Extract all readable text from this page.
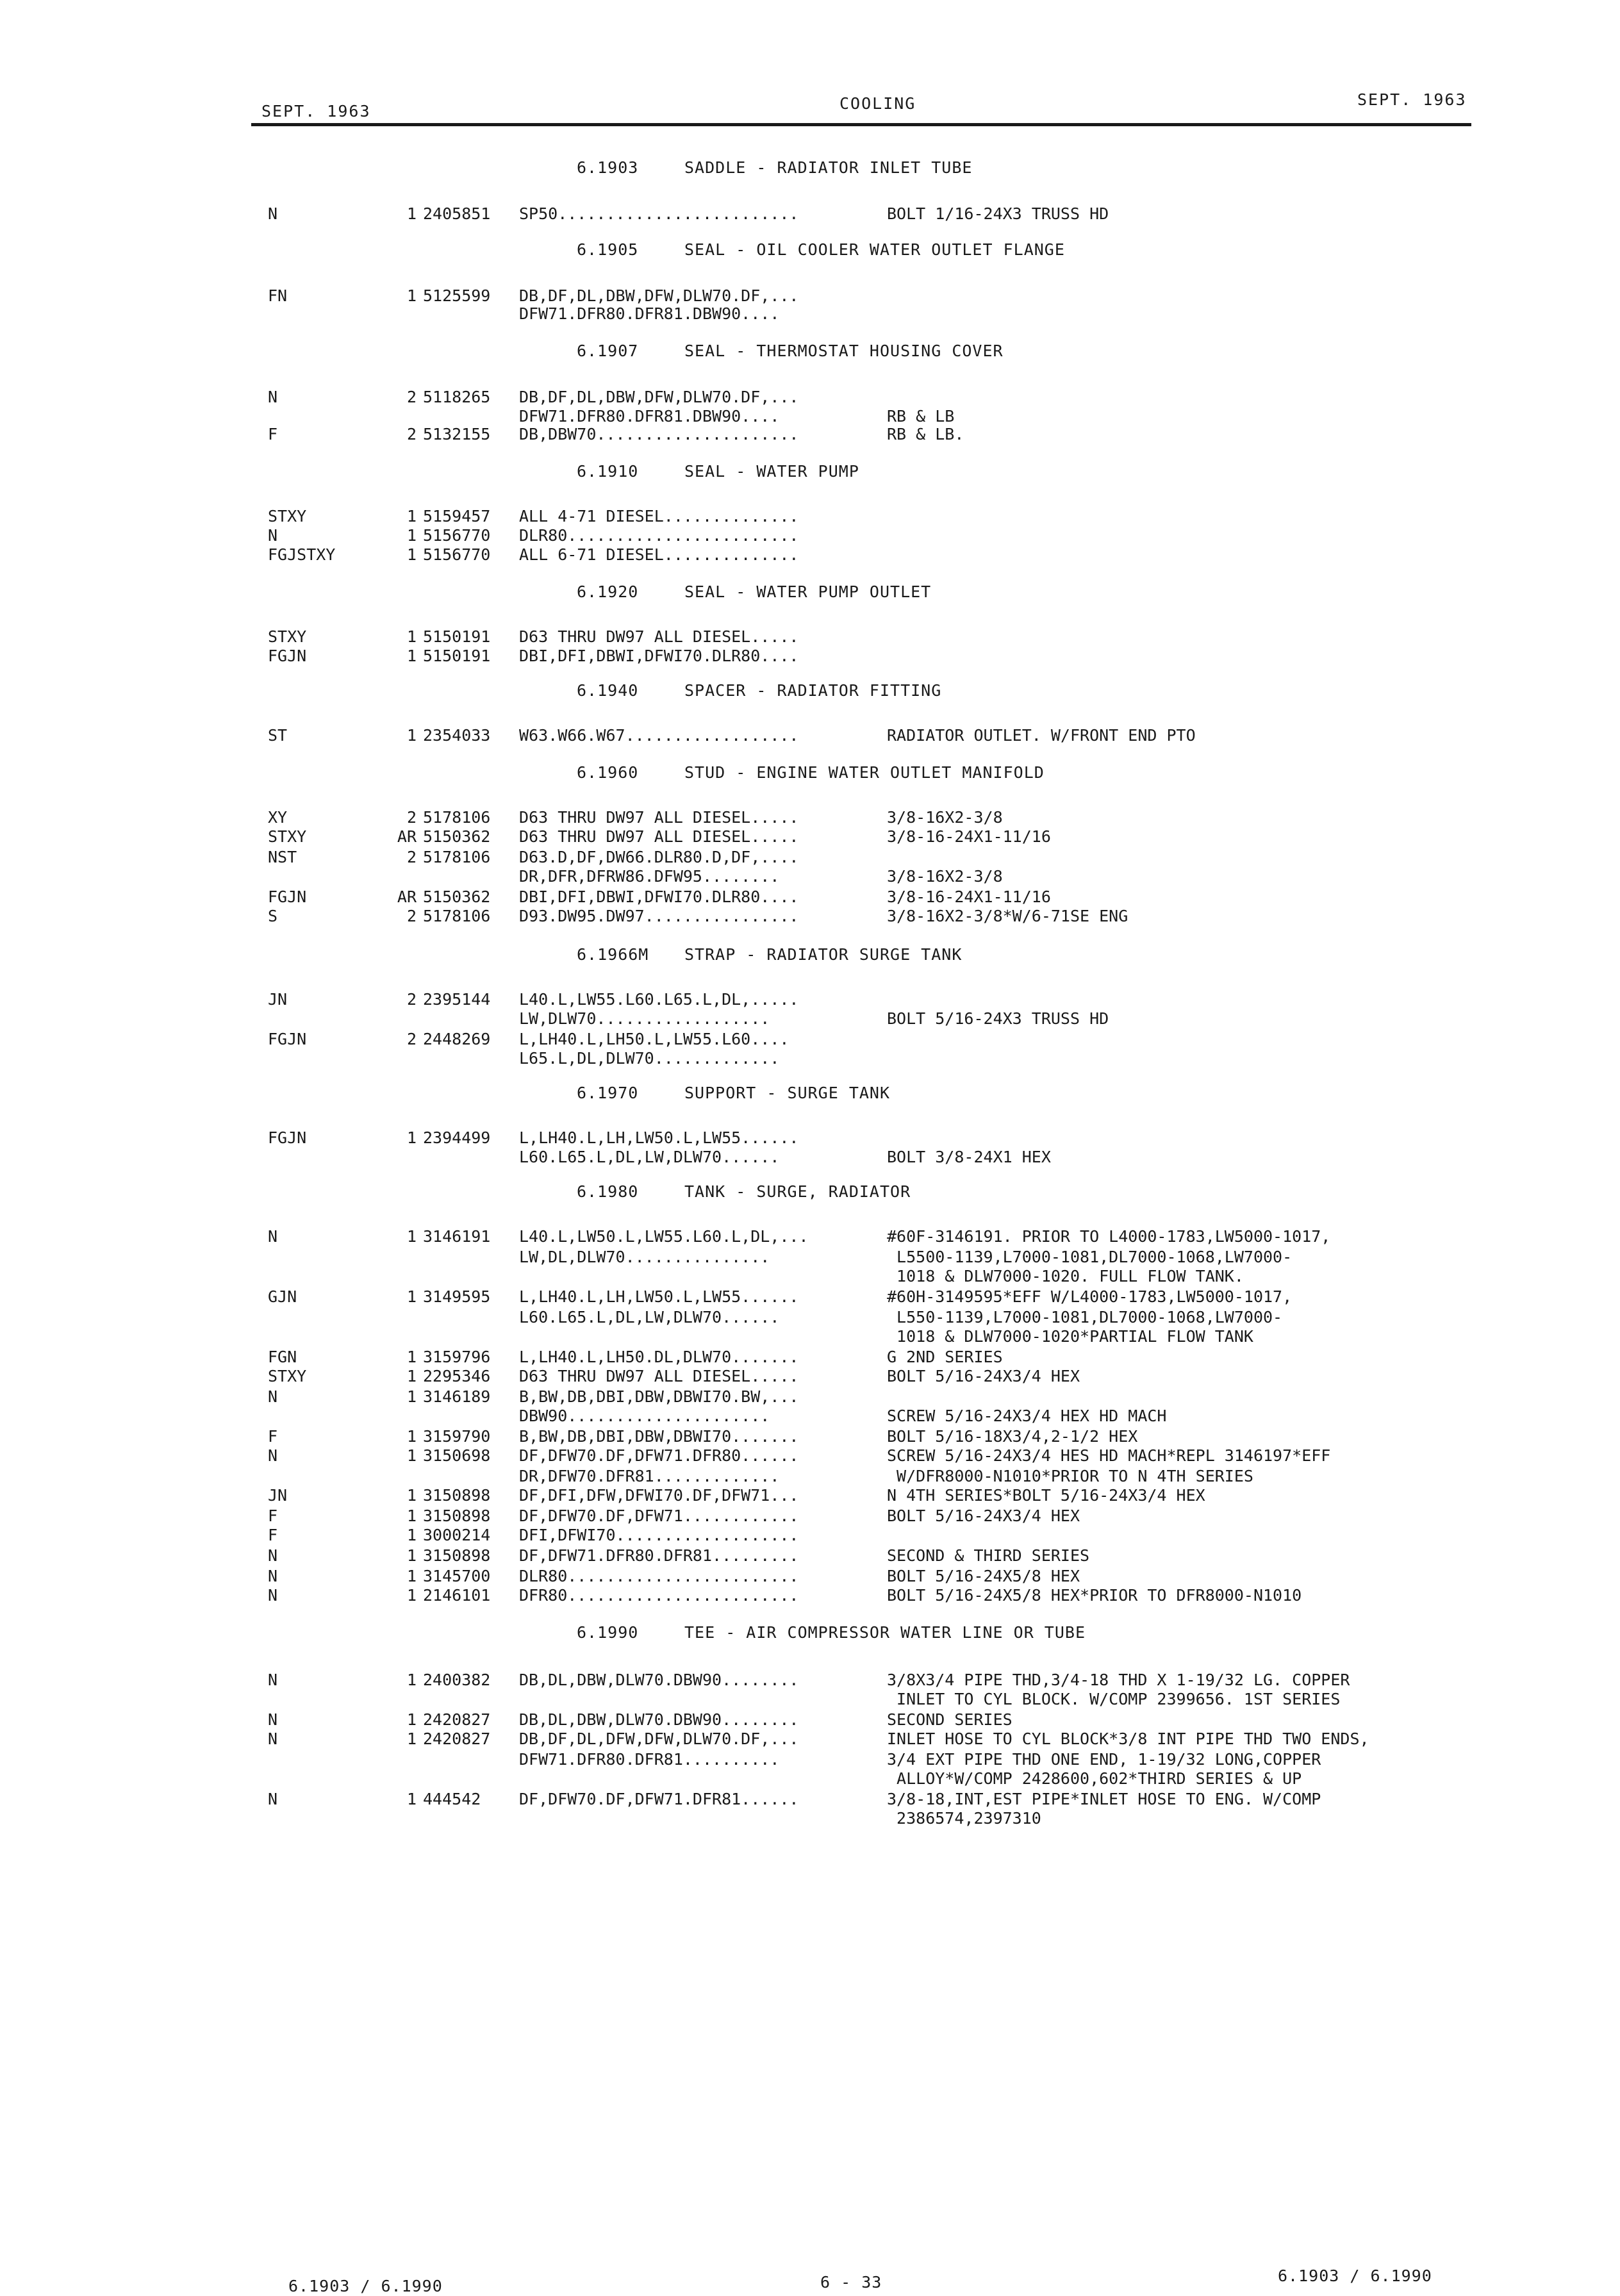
SEPT. 1963	COOLING	SEPT. 1963
6.1903	SADDLE - RADIATOR INLET TUBE
N	1 2405851 SP50.........................	BOLT 1/16-24X3 TRUSS HD
6.1905	SEAL - OIL COOLER WATER OUTLET FLANGE
FN	1 5125599 DB,DF,DL,DBW,DFW,DLW70.DF,...
DFW71.DFR80.DFR81.DBW90....
6.1907	SEAL - THERMOSTAT HOUSING COVER
N	2 5118265 DB,DF,DL,DBW,DFW,DLW70.DF,...
DFW71.DFR80.DFR81.DBW90....	RB & LB
F	2 5132155 DB,DBW70.....................	RB & LB.
6.1910	SEAL - WATER PUMP
STXY	1 5159457 ALL 4-71 DIESEL..............
N	1 5156770 DLR80........................
FGJSTXY	1 5156770 ALL 6-71 DIESEL..............
6.1920	SEAL - WATER PUMP OUTLET
STXY	1 5150191 D63 THRU DW97 ALL DIESEL.....
FGJN	1 5150191 DBI,DFI,DBWI,DFWI70.DLR80....
6.1940	SPACER - RADIATOR FITTING
ST	1 2354033 W63.W66.W67..................	RADIATOR OUTLET. W/FRONT END PTO
6.1960	STUD - ENGINE WATER OUTLET MANIFOLD
XY	2 5178106 D63 THRU DW97 ALL DIESEL.....	3/8-16X2-3/8
STXY	AR 5150362 D63 THRU DW97 ALL DIESEL.....	3/8-16-24X1-11/16
NST	2 5178106 D63.D,DF,DW66.DLR80.D,DF,....
DR,DFR,DFRW86.DFW95........	3/8-16X2-3/8
FGJN	AR 5150362 DBI,DFI,DBWI,DFWI70.DLR80....	3/8-16-24X1-11/16
S	2 5178106 D93.DW95.DW97................	3/8-16X2-3/8*W/6-71SE ENG
6.1966M STRAP - RADIATOR SURGE TANK
JN	2 2395144 L40.L,LW55.L60.L65.L,DL,.....
LW,DLW70..................	BOLT 5/16-24X3 TRUSS HD
FGJN	2 2448269 L,LH40.L,LH50.L,LW55.L60....
L65.L,DL,DLW70.............
6.1970	SUPPORT - SURGE TANK
FGJN	1 2394499 L,LH40.L,LH,LW50.L,LW55......
L60.L65.L,DL,LW,DLW70......	BOLT 3/8-24X1 HEX
6.1980	TANK - SURGE, RADIATOR
N	1 3146191 L40.L,LW50.L,LW55.L60.L,DL,...	#60F-3146191. PRIOR TO L4000-1783,LW5000-1017,
LW,DL,DLW70...............	L5500-1139,L7000-1081,DL7000-1068,LW7000-
1018 & DLW7000-1020. FULL FLOW TANK.
GJN	1 3149595 L,LH40.L,LH,LW50.L,LW55......	#60H-3149595*EFF W/L4000-1783,LW5000-1017,
L60.L65.L,DL,LW,DLW70......	L550-1139,L7000-1081,DL7000-1068,LW7000-
1018 & DLW7000-1020*PARTIAL FLOW TANK
FGN	1 3159796 L,LH40.L,LH50.DL,DLW70.......	G 2ND SERIES
STXY	1 2295346 D63 THRU DW97 ALL DIESEL.....	BOLT 5/16-24X3/4 HEX
N	1 3146189 B,BW,DB,DBI,DBW,DBWI70.BW,...
DBW90.....................	SCREW 5/16-24X3/4 HEX HD MACH
F	1 3159790 B,BW,DB,DBI,DBW,DBWI70.......	BOLT 5/16-18X3/4,2-1/2 HEX
N	1 3150698 DF,DFW70.DF,DFW71.DFR80......	SCREW 5/16-24X3/4 HES HD MACH*REPL 3146197*EFF
DR,DFW70.DFR81.............	W/DFR8000-N1010*PRIOR TO N 4TH SERIES
JN	1 3150898 DF,DFI,DFW,DFWI70.DF,DFW71...	N 4TH SERIES*BOLT 5/16-24X3/4 HEX
F	1 3150898 DF,DFW70.DF,DFW71............	BOLT 5/16-24X3/4 HEX
F	1 3000214 DFI,DFWI70...................
N	1 3150898 DF,DFW71.DFR80.DFR81.........	SECOND & THIRD SERIES
N	1 3145700 DLR80........................	BOLT 5/16-24X5/8 HEX
N	1 2146101 DFR80........................	BOLT 5/16-24X5/8 HEX*PRIOR TO DFR8000-N1010
6.1990	TEE - AIR COMPRESSOR WATER LINE OR TUBE
N	1 2400382 DB,DL,DBW,DLW70.DBW90........	3/8X3/4 PIPE THD,3/4-18 THD X 1-19/32 LG. COPPER
INLET TO CYL BLOCK. W/COMP 2399656. 1ST SERIES
N	1 2420827 DB,DL,DBW,DLW70.DBW90........	SECOND SERIES
N	1 2420827 DB,DF,DL,DFW,DFW,DLW70.DF,...	INLET HOSE TO CYL BLOCK*3/8 INT PIPE THD TWO ENDS,
DFW71.DFR80.DFR81..........	3/4 EXT PIPE THD ONE END, 1-19/32 LONG,COPPER
ALLOY*W/COMP 2428600,602*THIRD SERIES & UP
N	1 444542 DF,DFW70.DF,DFW71.DFR81......	3/8-18,INT,EST PIPE*INLET HOSE TO ENG. W/COMP
2386574,2397310
6.1903 / 6.1990	6 - 33	6.1903 / 6.1990
